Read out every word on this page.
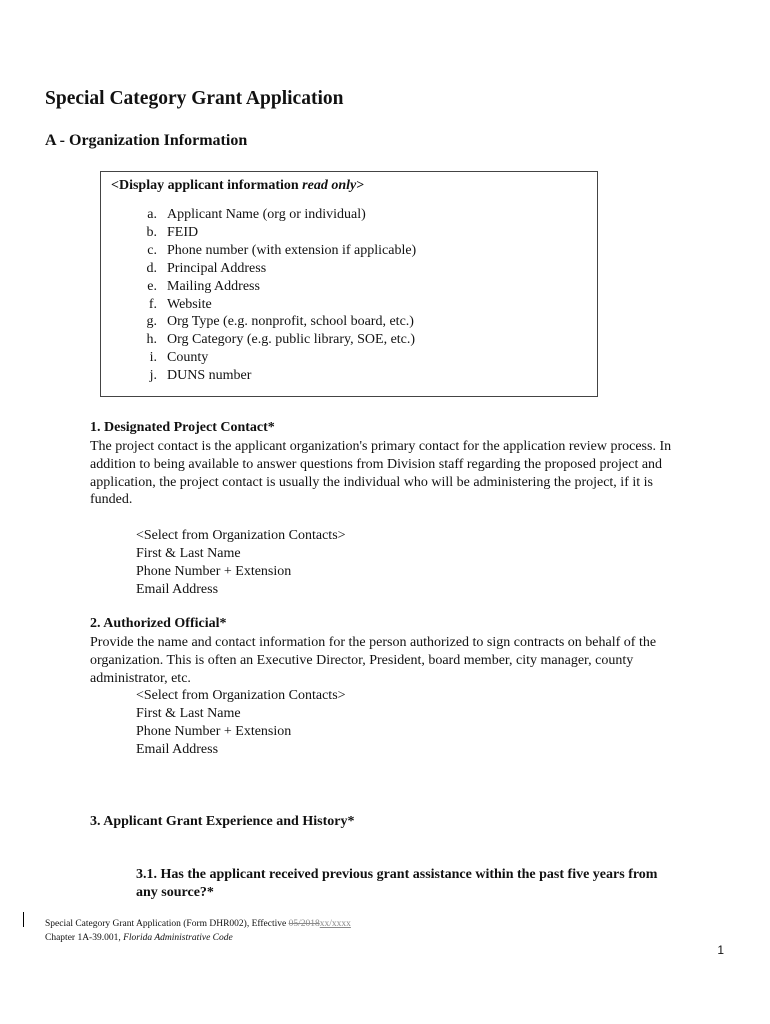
Special Category Grant Application
A - Organization Information
<Display applicant information read only>
a. Applicant Name (org or individual)
b. FEID
c. Phone number (with extension if applicable)
d. Principal Address
e. Mailing Address
f. Website
g. Org Type (e.g. nonprofit, school board, etc.)
h. Org Category (e.g. public library, SOE, etc.)
i. County
j. DUNS number
1. Designated Project Contact*
The project contact is the applicant organization's primary contact for the application review process. In
addition to being available to answer questions from Division staff regarding the proposed project and
application, the project contact is usually the individual who will be administering the project, if it is
funded.
<Select from Organization Contacts>
First & Last Name
Phone Number + Extension
Email Address
2. Authorized Official*
Provide the name and contact information for the person authorized to sign contracts on behalf of the
organization. This is often an Executive Director, President, board member, city manager, county
administrator, etc.
<Select from Organization Contacts>
First & Last Name
Phone Number + Extension
Email Address
3. Applicant Grant Experience and History*
3.1. Has the applicant received previous grant assistance within the past five years from
any source?*
Special Category Grant Application (Form DHR002), Effective 05/2018xx/xxxx
Chapter 1A-39.001, Florida Administrative Code
1
